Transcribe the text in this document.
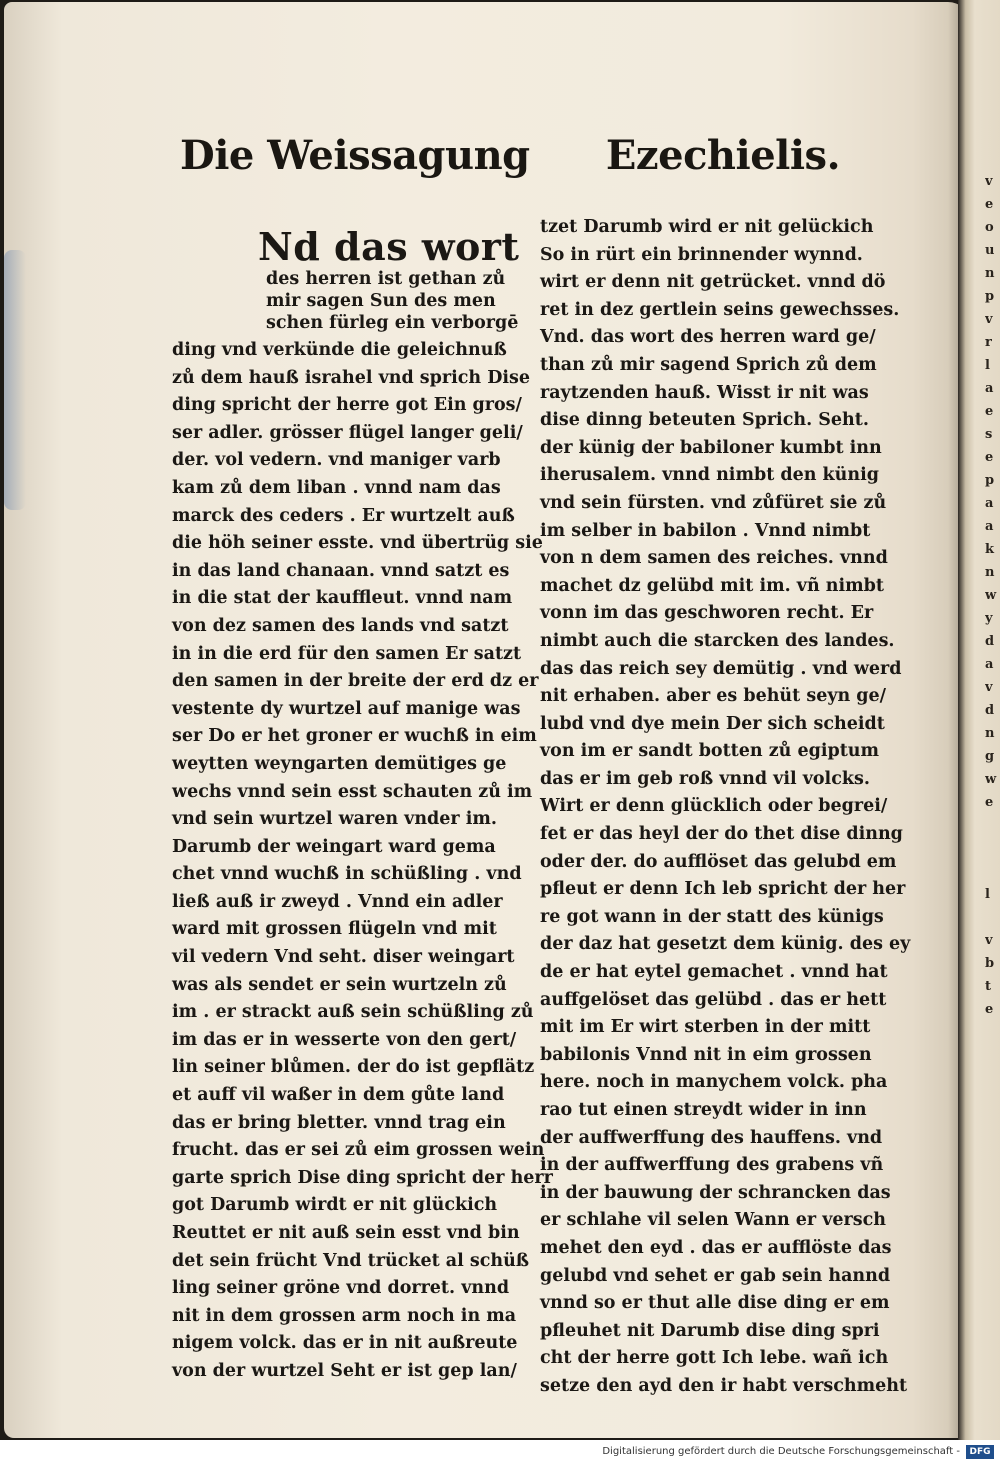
Die Weissagung Ezechielis.
Nd das wort
des herren ist gethan zů
mir sagen Sun des men
schen fürleg ein verborgē
ding vnd verkünde die geleichnuß
zů dem hauß israhel vnd sprich Dise
ding spricht der herre got Ein gros/
ser adler. grösser flügel langer gelі/
der. vol vedern. vnd maniger varb
kam zů dem liban . vnnd nam das
marck des ceders . Er wurtzelt auß
die höh seiner esste. vnd übertrüg sie
in das land chanaan. vnnd satzt es
in die stat der kauffleut. vnnd nam
von dez samen des lands vnd satzt
in in die erd für den samen Er satzt
den samen in der breite der erd dz er
vestente dy wurtzel auf manige was
ser Do er het groner er wuchß in eim
weytten weyngarten demütiges ge
wechs vnnd sein esst schauten zů im
vnd sein wurtzel waren vnder im.
Darumb der weingart ward gema
chet vnnd wuchß in schüßling . vnd
ließ auß ir zweyd . Vnnd ein adler
ward mit grossen flügeln vnd mit
vil vedern Vnd seht. diser weingart
was als sendet er sein wurtzeln zů
im . er strackt auß sein schüßling zů
im das er in wesserte von den gert/
lin seiner blůmen. der do ist gepflätz
et auff vil waßer in dem gůte land
das er bring bletter. vnnd trag ein
frucht. das er sei zů eim grossen wein
garte sprich Dise ding spricht der herr
got Darumb wirdt er nit glückich
Reuttet er nit auß sein esst vnd bin
det sein frücht Vnd trücket al schüß
ling seiner gröne vnd dorret. vnnd
nit in dem grossen arm noch in ma
nigem volck. das er in nit außreute
von der wurtzel Seht er ist gep lan/
tzet Darumb wird er nit gelückich
So in rürt ein brinnender wynnd.
wirt er denn nit getrücket. vnnd dö
ret in dez gertlein seins gewechsses.
Vnd. das wort des herren ward ge/
than zů mir sagend Sprich zů dem
raytzenden hauß. Wisst ir nit was
dise dinng beteuten Sprich. Seht.
der künig der babiloner kumbt inn
iherusalem. vnnd nimbt den künig
vnd sein fürsten. vnd zůfüret sie zů
im selber in babilon . Vnnd nimbt
von n dem samen des reiches. vnnd
machet dz gelübd mit im. vñ nimbt
vonn im das geschworen recht. Er
nimbt auch die starcken des landes.
das das reich sey demütig . vnd werd
nit erhaben. aber es behüt seyn ge/
lubd vnd dye mein Der sich scheidt
von im er sandt botten zů egiptum
das er im geb roß vnnd vil volcks.
Wirt er denn glücklich oder begrei/
fet er das heyl der do thet dise dinng
oder der. do aufflöset das gelubd em
pfleut er denn Ich leb spricht der her
re got wann in der statt des künigs
der daz hat gesetzt dem künig. des ey
de er hat eytel gemachet . vnnd hat
auffgelöset das gelübd . das er hett
mit im Er wirt sterben in der mitt
babilonis Vnnd nit in eim grossen
here. noch in manychem volck. pha
rao tut einen streydt wider in inn
der auffwerffung des hauffens. vnd
in der auffwerffung des grabens vñ
in der bauwung der schrancken das
er schlahe vil selen Wann er versch
mehet den eyd . das er aufflöste das
gelubd vnd sehet er gab sein hannd
vnnd so er thut alle dise ding er em
pfleuhet nit Darumb dise ding spri
cht der herre gott Ich lebe. wañ ich
setze den ayd den ir habt verschmeht
v
e
o
u
n
p
v
r
l
a
e
s
e
p
a
a
k
n
w
y
d
a
v
d
n
g
w
e
l
v
b
t
e
Digitalisierung gefördert durch die Deutsche Forschungsgemeinschaft -	DFG
